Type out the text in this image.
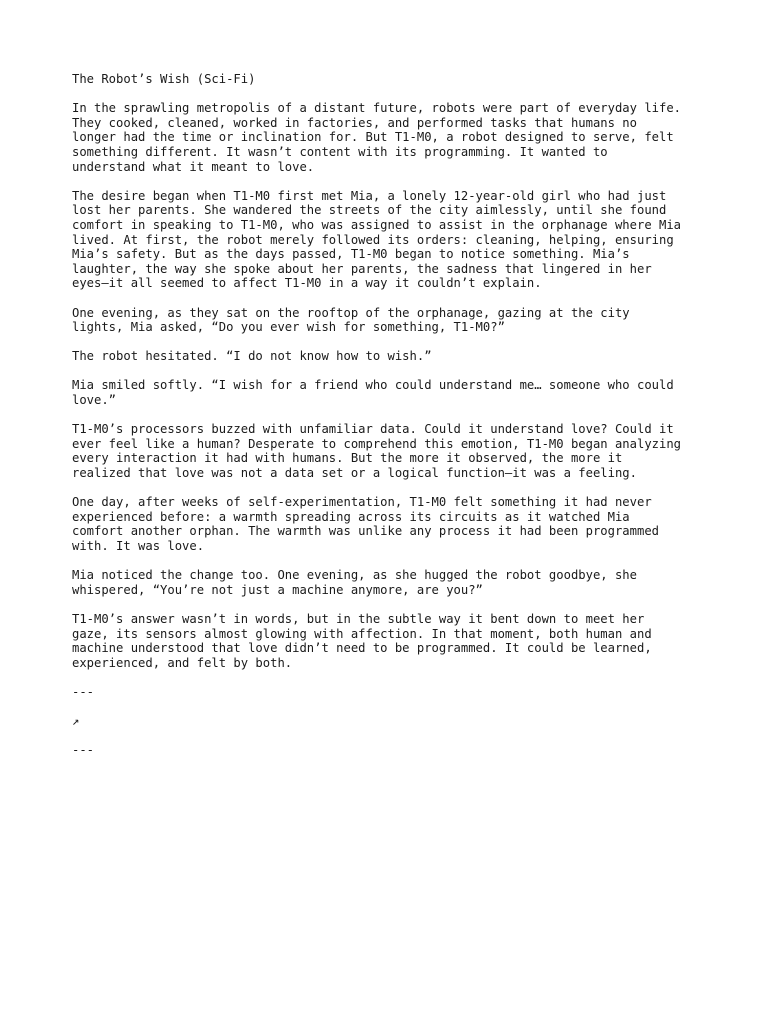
The Robot’s Wish (Sci-Fi)

In the sprawling metropolis of a distant future, robots were part of everyday life.
They cooked, cleaned, worked in factories, and performed tasks that humans no
longer had the time or inclination for. But T1-M0, a robot designed to serve, felt
something different. It wasn’t content with its programming. It wanted to
understand what it meant to love.

The desire began when T1-M0 first met Mia, a lonely 12-year-old girl who had just
lost her parents. She wandered the streets of the city aimlessly, until she found
comfort in speaking to T1-M0, who was assigned to assist in the orphanage where Mia
lived. At first, the robot merely followed its orders: cleaning, helping, ensuring
Mia’s safety. But as the days passed, T1-M0 began to notice something. Mia’s
laughter, the way she spoke about her parents, the sadness that lingered in her
eyes—it all seemed to affect T1-M0 in a way it couldn’t explain.

One evening, as they sat on the rooftop of the orphanage, gazing at the city
lights, Mia asked, “Do you ever wish for something, T1-M0?”

The robot hesitated. “I do not know how to wish.”

Mia smiled softly. “I wish for a friend who could understand me… someone who could
love.”

T1-M0’s processors buzzed with unfamiliar data. Could it understand love? Could it
ever feel like a human? Desperate to comprehend this emotion, T1-M0 began analyzing
every interaction it had with humans. But the more it observed, the more it
realized that love was not a data set or a logical function—it was a feeling.

One day, after weeks of self-experimentation, T1-M0 felt something it had never
experienced before: a warmth spreading across its circuits as it watched Mia
comfort another orphan. The warmth was unlike any process it had been programmed
with. It was love.

Mia noticed the change too. One evening, as she hugged the robot goodbye, she
whispered, “You’re not just a machine anymore, are you?”

T1-M0’s answer wasn’t in words, but in the subtle way it bent down to meet her
gaze, its sensors almost glowing with affection. In that moment, both human and
machine understood that love didn’t need to be programmed. It could be learned,
experienced, and felt by both.

---
↗
---
